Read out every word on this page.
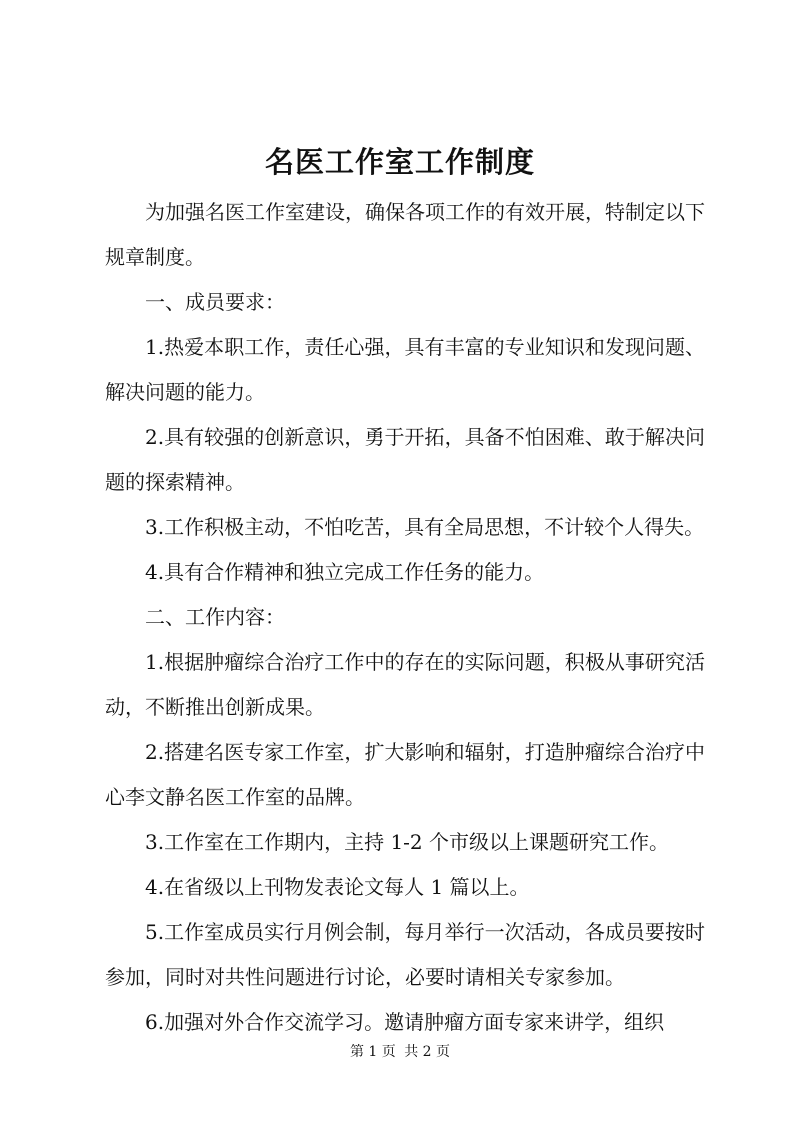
名医工作室工作制度

为加强名医工作室建设，确保各项工作的有效开展，特制定以下规章制度。

一、成员要求：

1.热爱本职工作，责任心强，具有丰富的专业知识和发现问题、解决问题的能力。

2.具有较强的创新意识，勇于开拓，具备不怕困难、敢于解决问题的探索精神。

3.工作积极主动，不怕吃苦，具有全局思想，不计较个人得失。

4.具有合作精神和独立完成工作任务的能力。

二、工作内容：

1.根据肿瘤综合治疗工作中的存在的实际问题，积极从事研究活动，不断推出创新成果。

2.搭建名医专家工作室，扩大影响和辐射，打造肿瘤综合治疗中心李文静名医工作室的品牌。

3.工作室在工作期内，主持 1-2 个市级以上课题研究工作。

4.在省级以上刊物发表论文每人 1 篇以上。

5.工作室成员实行月例会制，每月举行一次活动，各成员要按时参加，同时对共性问题进行讨论，必要时请相关专家参加。

6.加强对外合作交流学习。邀请肿瘤方面专家来讲学，组织

第 1 页 共 2 页
